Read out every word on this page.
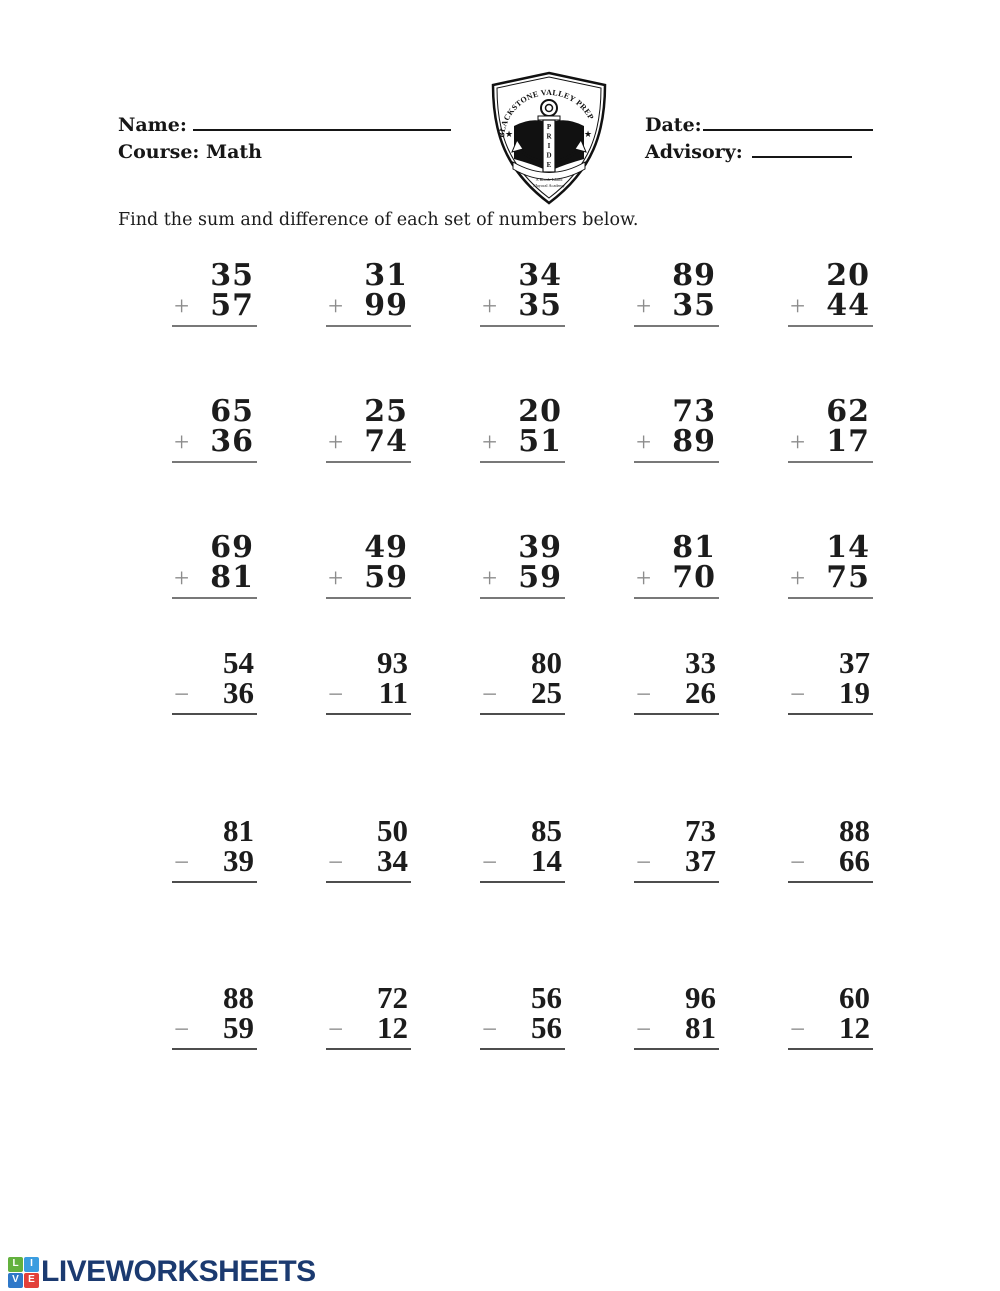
Name:
Course: Math
Date:
Advisory:
BLACKSTONE VALLEY PREP
★	★
P
R
I
D
E
A Rhode Island
Mayoral Academy
Find the sum and difference of each set of numbers below.
35
+ 57
31
+ 99
34
+ 35
89
+ 35
20
+ 44
65
+ 36
25
+ 74
20
+ 51
73
+ 89
62
+ 17
69
+ 81
49
+ 59
39
+ 59
81
+ 70
14
+ 75
54
− 36
93
− 11
80
− 25
33
− 26
37
− 19
81
− 39
50
− 34
85
− 14
73
− 37
88
− 66
88
− 59
72
− 12
56
− 56
96
− 81
60
− 12
L	I
V E LIVEWORKSHEETS
